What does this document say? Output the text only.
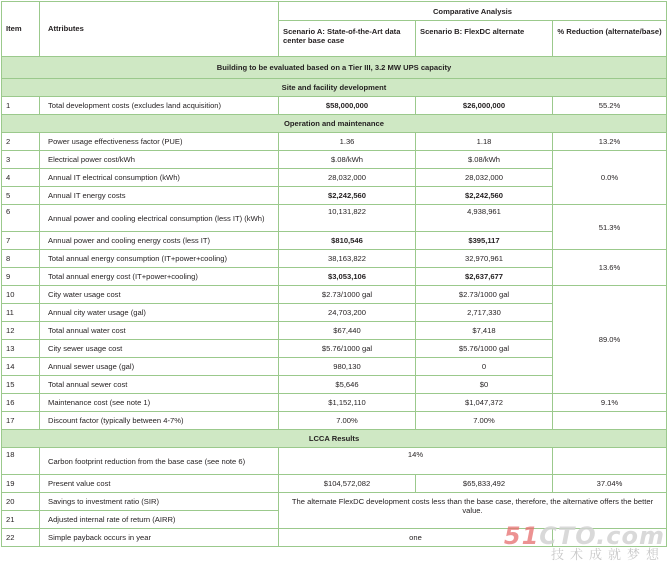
Item	Attributes	Comparative Analysis		
		Scenario A: State-of-the-Art data center base case	Scenario B: FlexDC alternate	% Reduction (alternate/base)
Building to be evaluated based on a Tier III, 3.2 MW UPS capacity				
Site and facility development				
1	Total development costs (excludes land acquisition)	$58,000,000	$26,000,000	55.2%
Operation and maintenance				
2	Power usage effectiveness factor (PUE)	1.36	1.18	13.2%
3	Electrical power cost/kWh	$.08/kWh	$.08/kWh	0.0%
4	Annual IT electrical consumption (kWh)	28,032,000	28,032,000	
5	Annual IT energy costs	$2,242,560	$2,242,560	
6	Annual power and cooling electrical consumption (less IT) (kWh)	10,131,822	4,938,961	51.3%
7	Annual power and cooling energy costs (less IT)	$810,546	$395,117	
8	Total annual energy consumption (IT+power+cooling)	38,163,822	32,970,961	13.6%
9	Total annual energy cost (IT+power+cooling)	$3,053,106	$2,637,677	
10	City water usage cost	$2.73/1000 gal	$2.73/1000 gal	89.0%
11	Annual city water usage (gal)	24,703,200	2,717,330	
12	Total annual water cost	$67,440	$7,418	
13	City sewer usage cost	$5.76/1000 gal	$5.76/1000 gal	
14	Annual sewer usage (gal)	980,130	0	
15	Total annual sewer cost	$5,646	$0	
16	Maintenance cost (see note 1)	$1,152,110	$1,047,372	9.1%
17	Discount factor (typically between 4-7%)	7.00%	7.00%	
LCCA Results				
18	Carbon footprint reduction from the base case (see note 6)	14%		
19	Present value cost	$104,572,082	$65,833,492	37.04%
20	Savings to investment ratio (SIR)	The alternate FlexDC development costs less than the base case, therefore, the alternative offers the better value.		
21	Adjusted internal rate of return (AIRR)			
22	Simple payback occurs in year	one			51CTO.com
技术成就梦想
